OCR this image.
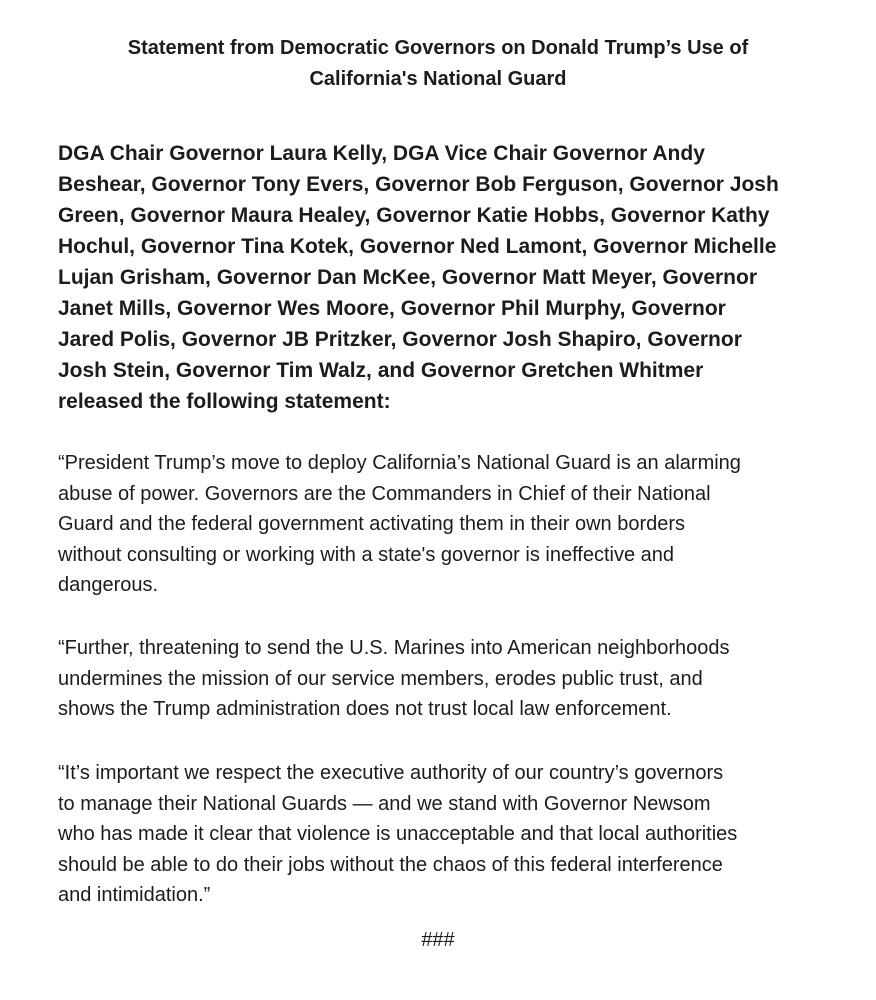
Statement from Democratic Governors on Donald Trump’s Use of
California's National Guard
DGA Chair Governor Laura Kelly, DGA Vice Chair Governor Andy
Beshear, Governor Tony Evers, Governor Bob Ferguson, Governor Josh
Green, Governor Maura Healey, Governor Katie Hobbs, Governor Kathy
Hochul, Governor Tina Kotek, Governor Ned Lamont, Governor Michelle
Lujan Grisham, Governor Dan McKee, Governor Matt Meyer, Governor
Janet Mills, Governor Wes Moore, Governor Phil Murphy, Governor
Jared Polis, Governor JB Pritzker, Governor Josh Shapiro, Governor
Josh Stein, Governor Tim Walz, and Governor Gretchen Whitmer
released the following statement:
“President Trump’s move to deploy California’s National Guard is an alarming
abuse of power. Governors are the Commanders in Chief of their National
Guard and the federal government activating them in their own borders
without consulting or working with a state's governor is ineffective and
dangerous.
“Further, threatening to send the U.S. Marines into American neighborhoods
undermines the mission of our service members, erodes public trust, and
shows the Trump administration does not trust local law enforcement.
“It’s important we respect the executive authority of our country’s governors
to manage their National Guards — and we stand with Governor Newsom
who has made it clear that violence is unacceptable and that local authorities
should be able to do their jobs without the chaos of this federal interference
and intimidation.”
###
